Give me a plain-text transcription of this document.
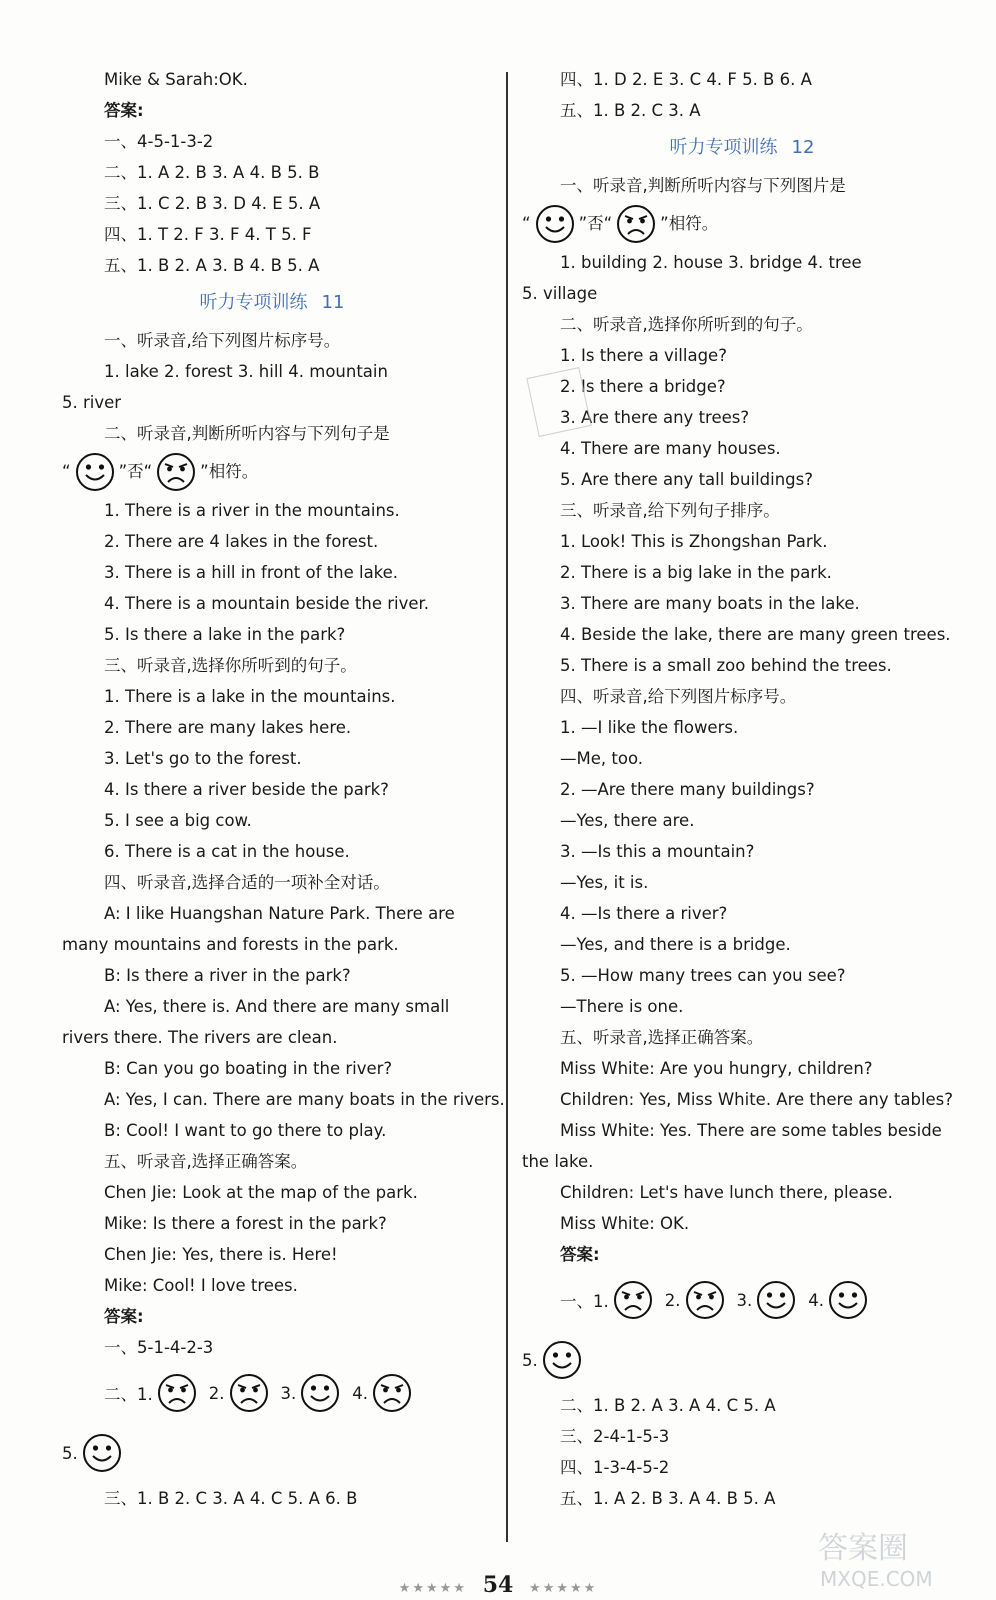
Mike & Sarah:OK.
答案:
一、4-5-1-3-2
二、1. A 2. B 3. A 4. B 5. B
三、1. C 2. B 3. D 4. E 5. A
四、1. T 2. F 3. F 4. T 5. F
五、1. B 2. A 3. B 4. B 5. A
听力专项训练 11
一、听录音,给下列图片标序号。
1. lake 2. forest 3. hill 4. mountain
5. river
二、听录音,判断所听内容与下列句子是
“	”否“	”相符。
1. There is a river in the mountains.
2. There are 4 lakes in the forest.
3. There is a hill in front of the lake.
4. There is a mountain beside the river.
5. Is there a lake in the park?
三、听录音,选择你所听到的句子。
1. There is a lake in the mountains.
2. There are many lakes here.
3. Let's go to the forest.
4. Is there a river beside the park?
5. I see a big cow.
6. There is a cat in the house.
四、听录音,选择合适的一项补全对话。
A: I like Huangshan Nature Park. There are
many mountains and forests in the park.
B: Is there a river in the park?
A: Yes, there is. And there are many small
rivers there. The rivers are clean.
B: Can you go boating in the river?
A: Yes, I can. There are many boats in the rivers.
B: Cool! I want to go there to play.
五、听录音,选择正确答案。
Chen Jie: Look at the map of the park.
Mike: Is there a forest in the park?
Chen Jie: Yes, there is. Here!
Mike: Cool! I love trees.
答案:
一、5-1-4-2-3
二、1.	2.	3.	4.
5.
三、1. B 2. C 3. A 4. C 5. A 6. B
四、1. D 2. E 3. C 4. F 5. B 6. A
五、1. B 2. C 3. A
听力专项训练 12
一、听录音,判断所听内容与下列图片是
“	”否“	”相符。
1. building 2. house 3. bridge 4. tree
5. village
二、听录音,选择你所听到的句子。
1. Is there a village?
2. Is there a bridge?
3. Are there any trees?
4. There are many houses.
5. Are there any tall buildings?
三、听录音,给下列句子排序。
1. Look! This is Zhongshan Park.
2. There is a big lake in the park.
3. There are many boats in the lake.
4. Beside the lake, there are many green trees.
5. There is a small zoo behind the trees.
四、听录音,给下列图片标序号。
1. —I like the flowers.
—Me, too.
2. —Are there many buildings?
—Yes, there are.
3. —Is this a mountain?
—Yes, it is.
4. —Is there a river?
—Yes, and there is a bridge.
5. —How many trees can you see?
—There is one.
五、听录音,选择正确答案。
Miss White: Are you hungry, children?
Children: Yes, Miss White. Are there any tables?
Miss White: Yes. There are some tables beside
the lake.
Children: Let's have lunch there, please.
Miss White: OK.
答案:
一、1.	2.	3.	4.
5.
二、1. B 2. A 3. A 4. C 5. A
三、2-4-1-5-3
四、1-3-4-5-2
五、1. A 2. B 3. A 4. B 5. A
★★★★★ 54 ★★★★★
答案圈
MXQE.COM
